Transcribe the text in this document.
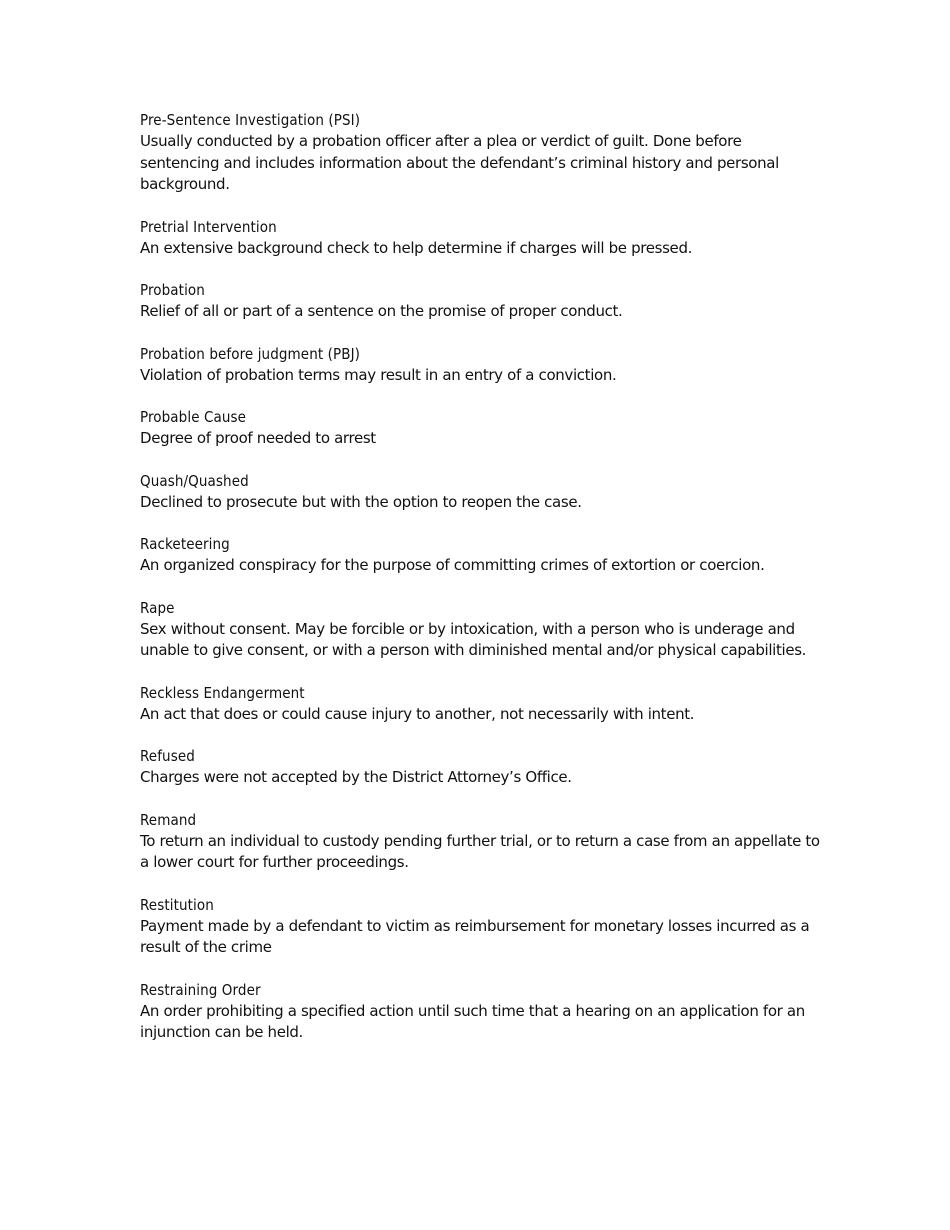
Pre-Sentence Investigation (PSI)
Usually conducted by a probation officer after a plea or verdict of guilt. Done before sentencing and includes information about the defendant’s criminal history and personal background.
Pretrial Intervention
An extensive background check to help determine if charges will be pressed.
Probation
Relief of all or part of a sentence on the promise of proper conduct.
Probation before judgment (PBJ)
Violation of probation terms may result in an entry of a conviction.
Probable Cause
Degree of proof needed to arrest
Quash/Quashed
Declined to prosecute but with the option to reopen the case.
Racketeering
An organized conspiracy for the purpose of committing crimes of extortion or coercion.
Rape
Sex without consent. May be forcible or by intoxication, with a person who is underage and unable to give consent, or with a person with diminished mental and/or physical capabilities.
Reckless Endangerment
An act that does or could cause injury to another, not necessarily with intent.
Refused
Charges were not accepted by the District Attorney’s Office.
Remand
To return an individual to custody pending further trial, or to return a case from an appellate to a lower court for further proceedings.
Restitution
Payment made by a defendant to victim as reimbursement for monetary losses incurred as a result of the crime
Restraining Order
An order prohibiting a specified action until such time that a hearing on an application for an injunction can be held.
